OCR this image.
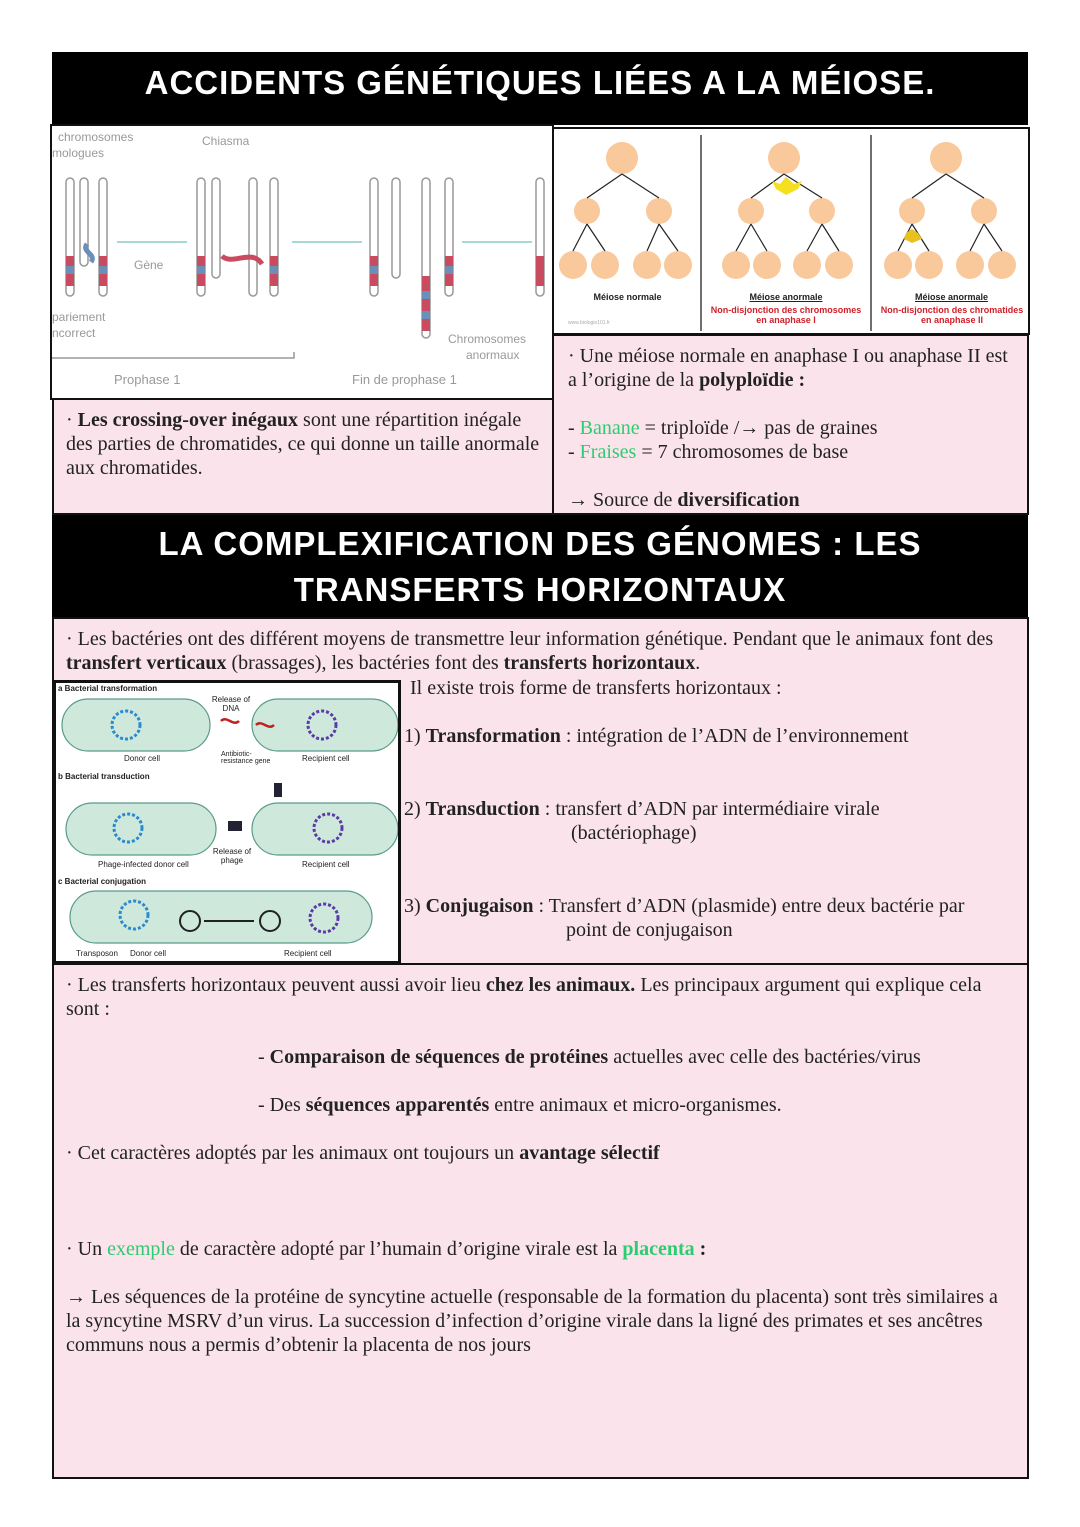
ACCIDENTS GÉNÉTIQUES LIÉES A LA MÉIOSE.
chromosomes
mologues
Chiasma
Gène
pariement
ncorrect	Chromosomes
anormaux
Prophase 1	Fin de prophase 1
Méiose normale	Méiose anormale
Non-disjonction des chromosomes en anaphase I
Méiose anormale
Non-disjonction des chromatides en anaphase II
www.biologie101.fr
· Les crossing-over inégaux sont une répartition inégale des parties de chromatides, ce qui donne un taille anormale aux chromatides.
· Une méiose normale en anaphase I ou anaphase II est a l’origine de la polyploïdie :
- Banane = triploïde /→ pas de graines
- Fraises = 7 chromosomes de base
→ Source de diversification
LA COMPLEXIFICATION DES GÉNOMES : LES
TRANSFERTS HORIZONTAUX
· Les bactéries ont des différent moyens de transmettre leur information génétique. Pendant que le animaux font des transfert verticaux (brassages), les bactéries font des transferts horizontaux.
Il existe trois forme de transferts horizontaux :
1) Transformation : intégration de l’ADN de l’environnement
2) Transduction : transfert d’ADN par intermédiaire virale
(bactériophage)
3) Conjugaison : Transfert d’ADN (plasmide) entre deux bactérie par
point de conjugaison
a Bacterial transformation
Release of DNA
Antibiotic-resistance gene
Donor cell	Recipient cell
b Bacterial transduction
Phage-infected donor cell
Release of phage	Recipient cell
c Bacterial conjugation
Transposon Donor cell	Recipient cell
· Les transferts horizontaux peuvent aussi avoir lieu chez les animaux. Les principaux argument qui explique cela sont :
- Comparaison de séquences de protéines actuelles avec celle des bactéries/virus
- Des séquences apparentés entre animaux et micro-organismes.
· Cet caractères adoptés par les animaux ont toujours un avantage sélectif
· Un exemple de caractère adopté par l’humain d’origine virale est la placenta :
→ Les séquences de la protéine de syncytine actuelle (responsable de la formation du placenta) sont très similaires a la syncytine MSRV d’un virus. La succession d’infection d’origine virale dans la ligné des primates et ses ancêtres communs nous a permis d’obtenir la placenta de nos jours
